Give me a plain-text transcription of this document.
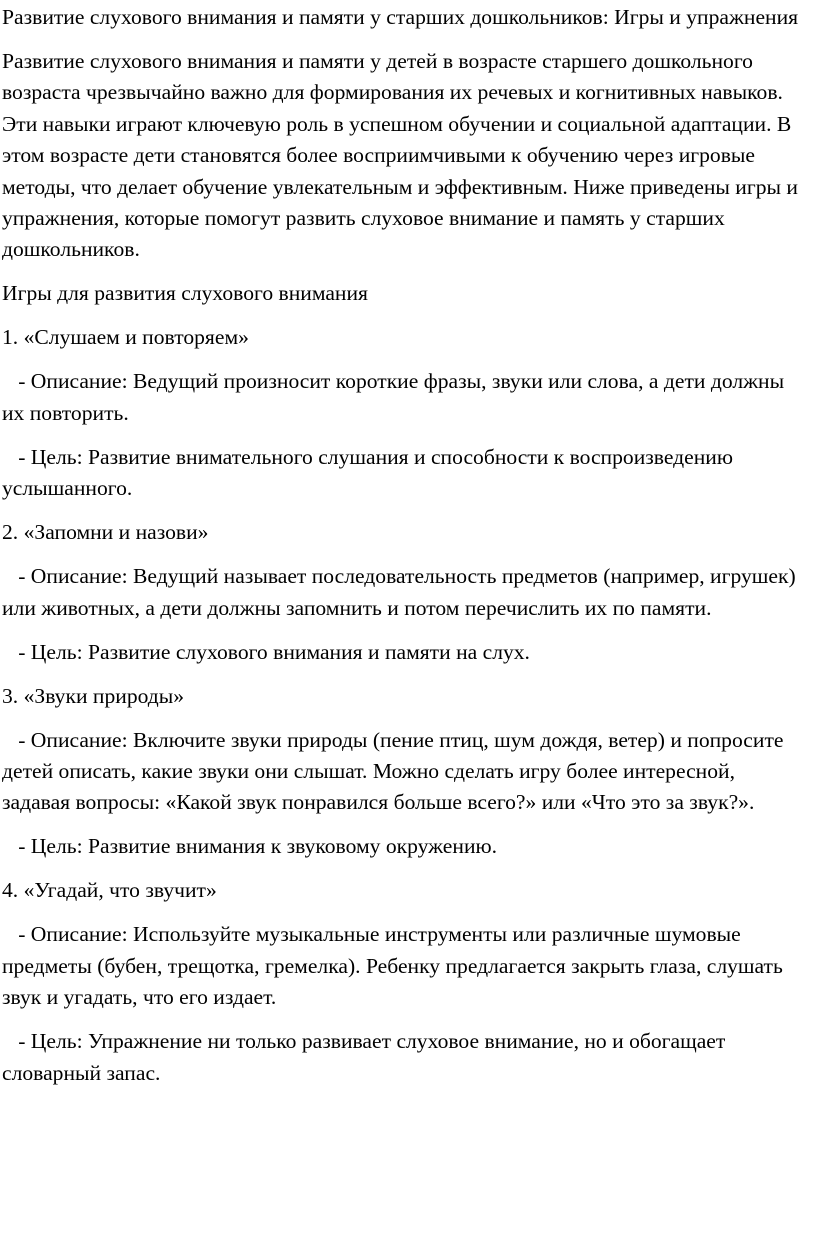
Развитие слухового внимания и памяти у старших дошкольников: Игры и упражнения

Развитие слухового внимания и памяти у детей в возрасте старшего дошкольного возраста чрезвычайно важно для формирования их речевых и когнитивных навыков. Эти навыки играют ключевую роль в успешном обучении и социальной адаптации. В этом возрасте дети становятся более восприимчивыми к обучению через игровые методы, что делает обучение увлекательным и эффективным. Ниже приведены игры и упражнения, которые помогут развить слуховое внимание и память у старших дошкольников.

Игры для развития слухового внимания

1. «Слушаем и повторяем»

- Описание: Ведущий произносит короткие фразы, звуки или слова, а дети должны их повторить.

- Цель: Развитие внимательного слушания и способности к воспроизведению услышанного.

2. «Запомни и назови»

- Описание: Ведущий называет последовательность предметов (например, игрушек) или животных, а дети должны запомнить и потом перечислить их по памяти.

- Цель: Развитие слухового внимания и памяти на слух.

3. «Звуки природы»

- Описание: Включите звуки природы (пение птиц, шум дождя, ветер) и попросите детей описать, какие звуки они слышат. Можно сделать игру более интересной, задавая вопросы: «Какой звук понравился больше всего?» или «Что это за звук?».

- Цель: Развитие внимания к звуковому окружению.

4. «Угадай, что звучит»

- Описание: Используйте музыкальные инструменты или различные шумовые предметы (бубен, трещотка, гремелка). Ребенку предлагается закрыть глаза, слушать звук и угадать, что его издает.

- Цель: Упражнение ни только развивает слуховое внимание, но и обогащает словарный запас.
